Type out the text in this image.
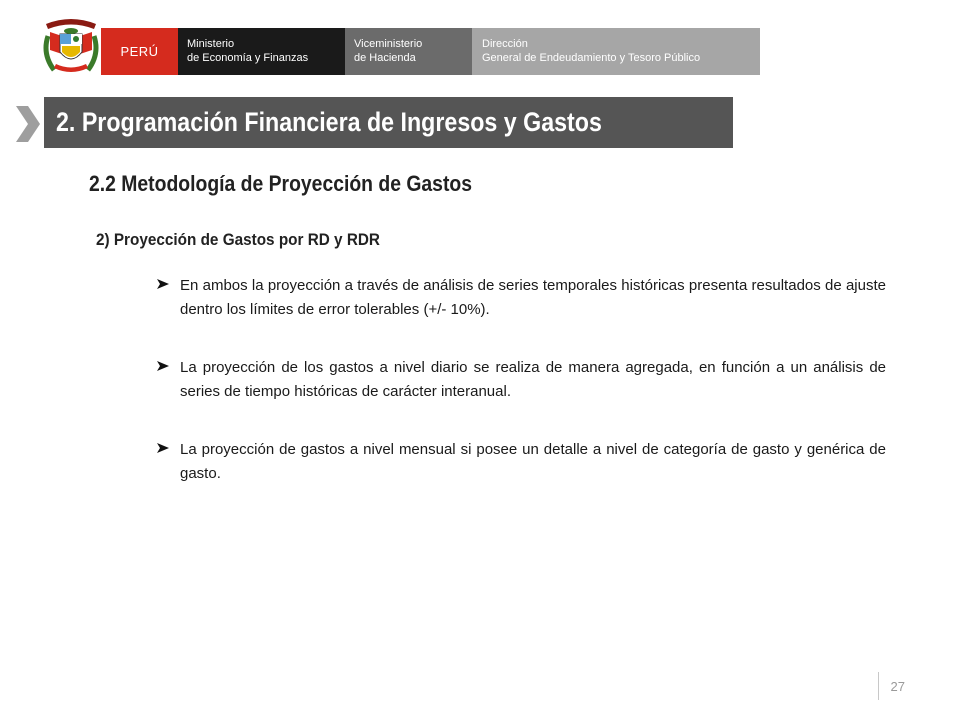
PERÚ	Ministerio
de Economía y Finanzas
Viceministerio
de Hacienda
Dirección
General de Endeudamiento y Tesoro Público
2. Programación Financiera de Ingresos y Gastos
2.2 Metodología de Proyección de Gastos
2) Proyección de Gastos por RD y RDR
En ambos la proyección a través de análisis de series temporales históricas presenta resultados de ajuste dentro los límites de error tolerables (+/- 10%).
La proyección de los gastos a nivel diario se realiza de manera agregada, en función a un análisis de series de tiempo históricas de carácter interanual.
La proyección de gastos a nivel mensual si posee un detalle a nivel de categoría de gasto y genérica de gasto.
27
